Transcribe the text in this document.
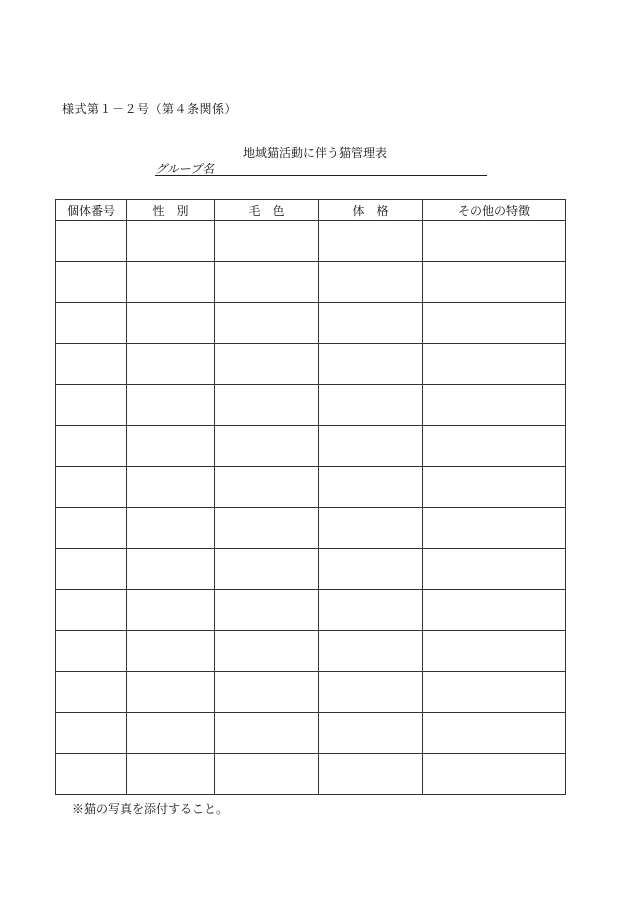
様式第１－２号（第４条関係）
地域猫活動に伴う猫管理表
グループ名
個体番号	性　別	毛　色	体　格	その他の特徴

※猫の写真を添付すること。
